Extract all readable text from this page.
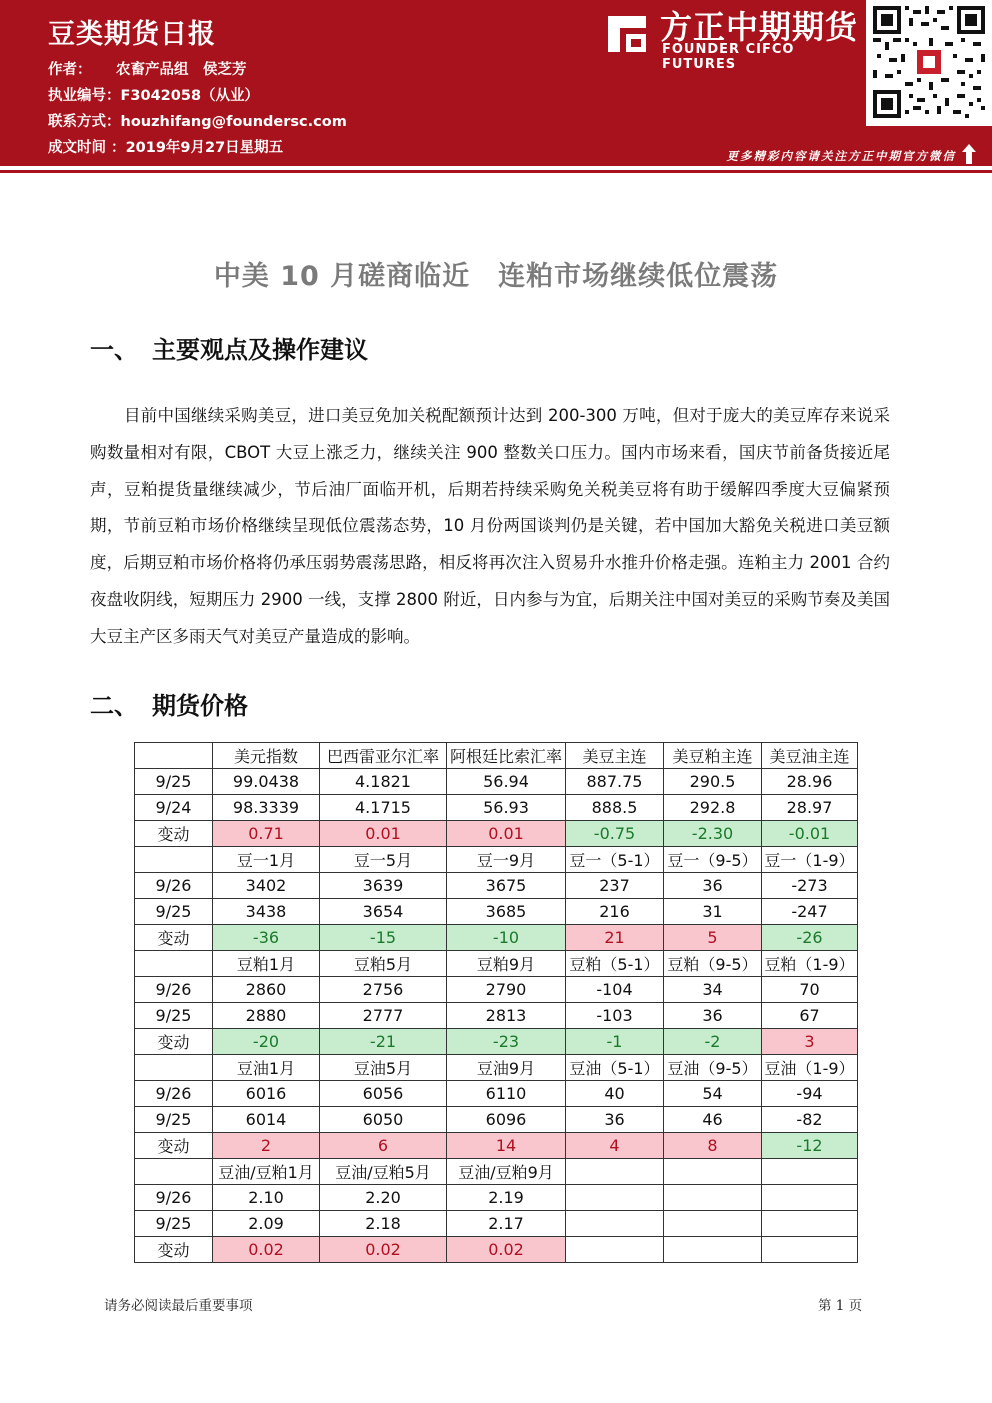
豆类期货日报
作者： 农畜产品组　侯芝芳
执业编号：F3042058（从业）
联系方式：houzhifang@foundersc.com
成文时间 ：2019年9月27日星期五
方正中期期货
FOUNDER CIFCO FUTURES
更多精彩内容请关注方正中期官方微信
中美 10 月磋商临近　连粕市场继续低位震荡
一、 主要观点及操作建议

目前中国继续采购美豆，进口美豆免加关税配额预计达到 200-300 万吨，但对于庞大的美豆库存来说采购数量相对有限，CBOT 大豆上涨乏力，继续关注 900 整数关口压力。国内市场来看，国庆节前备货接近尾声，豆粕提货量继续减少，节后油厂面临开机，后期若持续采购免关税美豆将有助于缓解四季度大豆偏紧预期，节前豆粕市场价格继续呈现低位震荡态势，10 月份两国谈判仍是关键，若中国加大豁免关税进口美豆额度，后期豆粕市场价格将仍承压弱势震荡思路，相反将再次注入贸易升水推升价格走强。连粕主力 2001 合约夜盘收阴线，短期压力 2900 一线，支撑 2800 附近，日内参与为宜，后期关注中国对美豆的采购节奏及美国大豆主产区多雨天气对美豆产量造成的影响。

二、 期货价格
	美元指数	巴西雷亚尔汇率	阿根廷比索汇率	美豆主连	美豆粕主连	美豆油主连
9/25	99.0438	4.1821	56.94	887.75	290.5	28.96
9/24	98.3339	4.1715	56.93	888.5	292.8	28.97
变动	0.71	0.01	0.01	-0.75	-2.30	-0.01
	豆一1月	豆一5月	豆一9月	豆一（5-1）	豆一（9-5）	豆一（1-9）
9/26	3402	3639	3675	237	36	-273
9/25	3438	3654	3685	216	31	-247
变动	-36	-15	-10	21	5	-26
	豆粕1月	豆粕5月	豆粕9月	豆粕（5-1）	豆粕（9-5）	豆粕（1-9）
9/26	2860	2756	2790	-104	34	70
9/25	2880	2777	2813	-103	36	67
变动	-20	-21	-23	-1	-2	3
	豆油1月	豆油5月	豆油9月	豆油（5-1）	豆油（9-5）	豆油（1-9）
9/26	6016	6056	6110	40	54	-94
9/25	6014	6050	6096	36	46	-82
变动	2	6	14	4	8	-12
	豆油/豆粕1月	豆油/豆粕5月	豆油/豆粕9月			
9/26	2.10	2.20	2.19			
9/25	2.09	2.18	2.17			
变动	0.02	0.02	0.02			
请务必阅读最后重要事项	第 1 页
